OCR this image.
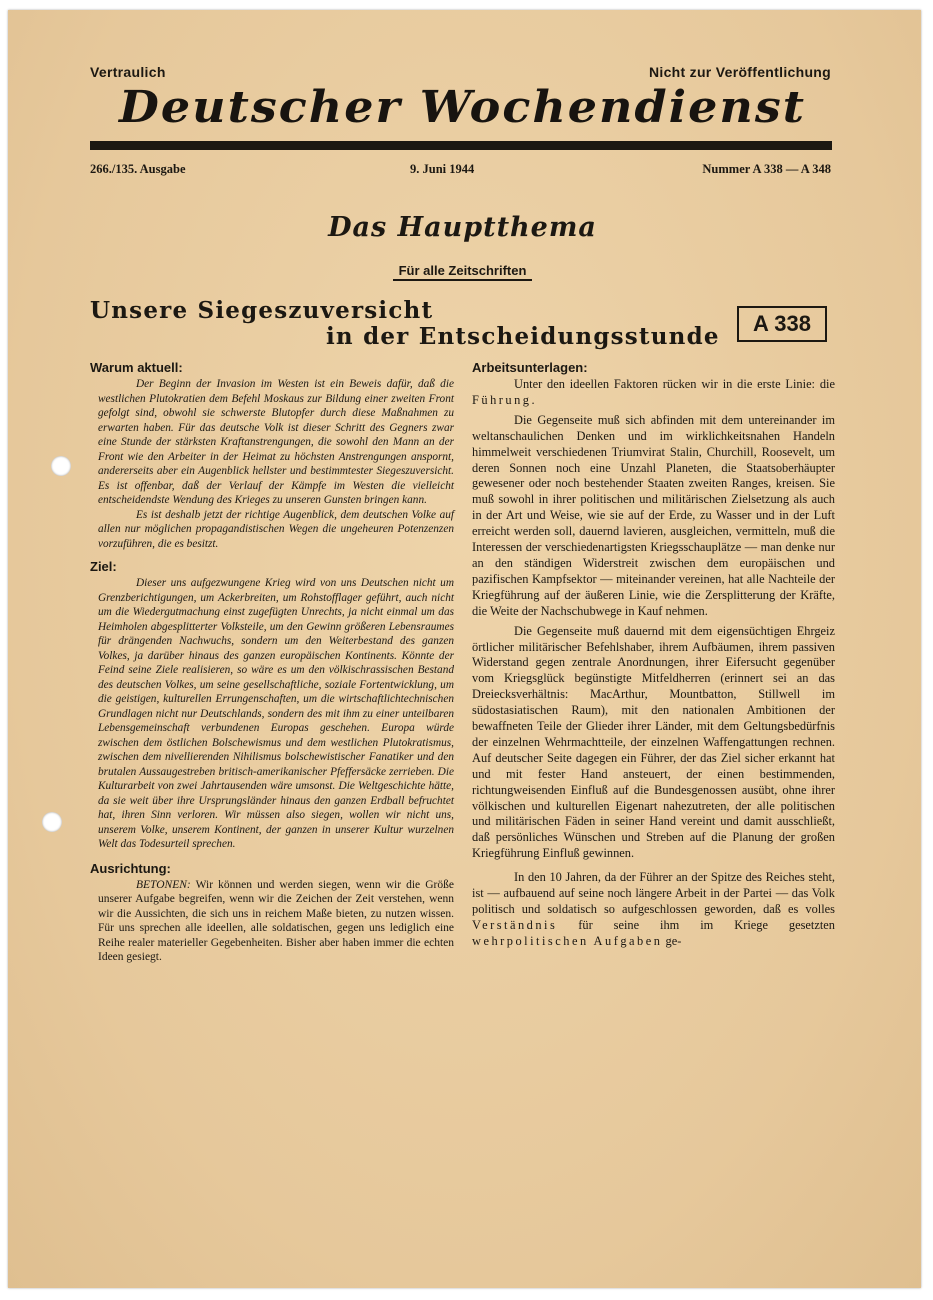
Vertraulich	Nicht zur Veröffentlichung
Deutscher Wochendienst
266./135. Ausgabe	9. Juni 1944	Nummer A 338 — A 348
Das Hauptthema
Für alle Zeitschriften
Unsere Siegeszuversicht
in der Entscheidungsstunde	A 338
Warum aktuell:

Der Beginn der Invasion im Westen ist ein Beweis dafür, daß die westlichen Plutokratien dem Befehl Moskaus zur Bildung einer zweiten Front gefolgt sind, obwohl sie schwerste Blutopfer durch diese Maßnahmen zu erwarten haben. Für das deutsche Volk ist dieser Schritt des Gegners zwar eine Stunde der stärksten Kraftanstrengungen, die sowohl den Mann an der Front wie den Arbeiter in der Heimat zu höchsten Anstrengungen anspornt, andererseits aber ein Augenblick hellster und bestimmtester Siegeszuversicht. Es ist offenbar, daß der Verlauf der Kämpfe im Westen die vielleicht entscheidendste Wendung des Krieges zu unseren Gunsten bringen kann.

Es ist deshalb jetzt der richtige Augenblick, dem deutschen Volke auf allen nur möglichen propagandistischen Wegen die ungeheuren Potenzenzen vorzuführen, die es besitzt.

Ziel:

Dieser uns aufgezwungene Krieg wird von uns Deutschen nicht um Grenzberichtigungen, um Ackerbreiten, um Rohstofflager geführt, auch nicht um die Wiedergutmachung einst zugefügten Unrechts, ja nicht einmal um das Heimholen abgesplitterter Volksteile, um den Gewinn größeren Lebensraumes für drängenden Nachwuchs, sondern um den Weiterbestand des ganzen Volkes, ja darüber hinaus des ganzen europäischen Kontinents. Könnte der Feind seine Ziele realisieren, so wäre es um den völkischrassischen Bestand des deutschen Volkes, um seine gesellschaftliche, soziale Fortentwicklung, um die geistigen, kulturellen Errungenschaften, um die wirtschaftlichtechnischen Grundlagen nicht nur Deutschlands, sondern des mit ihm zu einer unteilbaren Lebensgemeinschaft verbundenen Europas geschehen. Europa würde zwischen dem östlichen Bolschewismus und dem westlichen Plutokratismus, zwischen dem nivellierenden Nihilismus bolschewistischer Fanatiker und den brutalen Aussaugestreben britisch-amerikanischer Pfeffersäcke zerrieben. Die Kulturarbeit von zwei Jahrtausenden wäre umsonst. Die Weltgeschichte hätte, da sie weit über ihre Ursprungsländer hinaus den ganzen Erdball befruchtet hat, ihren Sinn verloren. Wir müssen also siegen, wollen wir nicht uns, unserem Volke, unserem Kontinent, der ganzen in unserer Kultur wurzelnen Welt das Todesurteil sprechen.

Ausrichtung:

BETONEN: Wir können und werden siegen, wenn wir die Größe unserer Aufgabe begreifen, wenn wir die Zeichen der Zeit verstehen, wenn wir die Aussichten, die sich uns in reichem Maße bieten, zu nutzen wissen. Für uns sprechen alle ideellen, alle soldatischen, gegen uns lediglich eine Reihe realer materieller Gegebenheiten. Bisher aber haben immer die echten Ideen gesiegt.

Arbeitsunterlagen:

Unter den ideellen Faktoren rücken wir in die erste Linie: die Führung.

Die Gegenseite muß sich abfinden mit dem untereinander im weltanschaulichen Denken und im wirklichkeitsnahen Handeln himmelweit verschiedenen Triumvirat Stalin, Churchill, Roosevelt, um deren Sonnen noch eine Unzahl Planeten, die Staatsoberhäupter gewesener oder noch bestehender Staaten zweiten Ranges, kreisen. Sie muß sowohl in ihrer politischen und militärischen Zielsetzung als auch in der Art und Weise, wie sie auf der Erde, zu Wasser und in der Luft erreicht werden soll, dauernd lavieren, ausgleichen, vermitteln, muß die Interessen der verschiedenartigsten Kriegsschauplätze — man denke nur an den ständigen Widerstreit zwischen dem europäischen und pazifischen Kampfsektor — miteinander vereinen, hat alle Nachteile der Kriegführung auf der äußeren Linie, wie die Zersplitterung der Kräfte, die Weite der Nachschubwege in Kauf nehmen.

Die Gegenseite muß dauernd mit dem eigensüchtigen Ehrgeiz örtlicher militärischer Befehlshaber, ihrem Aufbäumen, ihrem passiven Widerstand gegen zentrale Anordnungen, ihrer Eifersucht gegenüber vom Kriegsglück begünstigte Mitfeldherren (erinnert sei an das Dreiecksverhältnis: MacArthur, Mountbatton, Stillwell im südostasiatischen Raum), mit den nationalen Ambitionen der bewaffneten Teile der Glieder ihrer Länder, mit dem Geltungsbedürfnis der einzelnen Wehrmachtteile, der einzelnen Waffengattungen rechnen. Auf deutscher Seite dagegen ein Führer, der das Ziel sicher erkannt hat und mit fester Hand ansteuert, der einen bestimmenden, richtungweisenden Einfluß auf die Bundesgenossen ausübt, ohne ihrer völkischen und kulturellen Eigenart nahezutreten, der alle politischen und militärischen Fäden in seiner Hand vereint und damit ausschließt, daß persönliches Wünschen und Streben auf die Planung der großen Kriegführung Einfluß gewinnen.

In den 10 Jahren, da der Führer an der Spitze des Reiches steht, ist — aufbauend auf seine noch längere Arbeit in der Partei — das Volk politisch und soldatisch so aufgeschlossen geworden, daß es volles Verständnis für seine ihm im Kriege gesetzten wehrpolitischen Aufgaben ge-
